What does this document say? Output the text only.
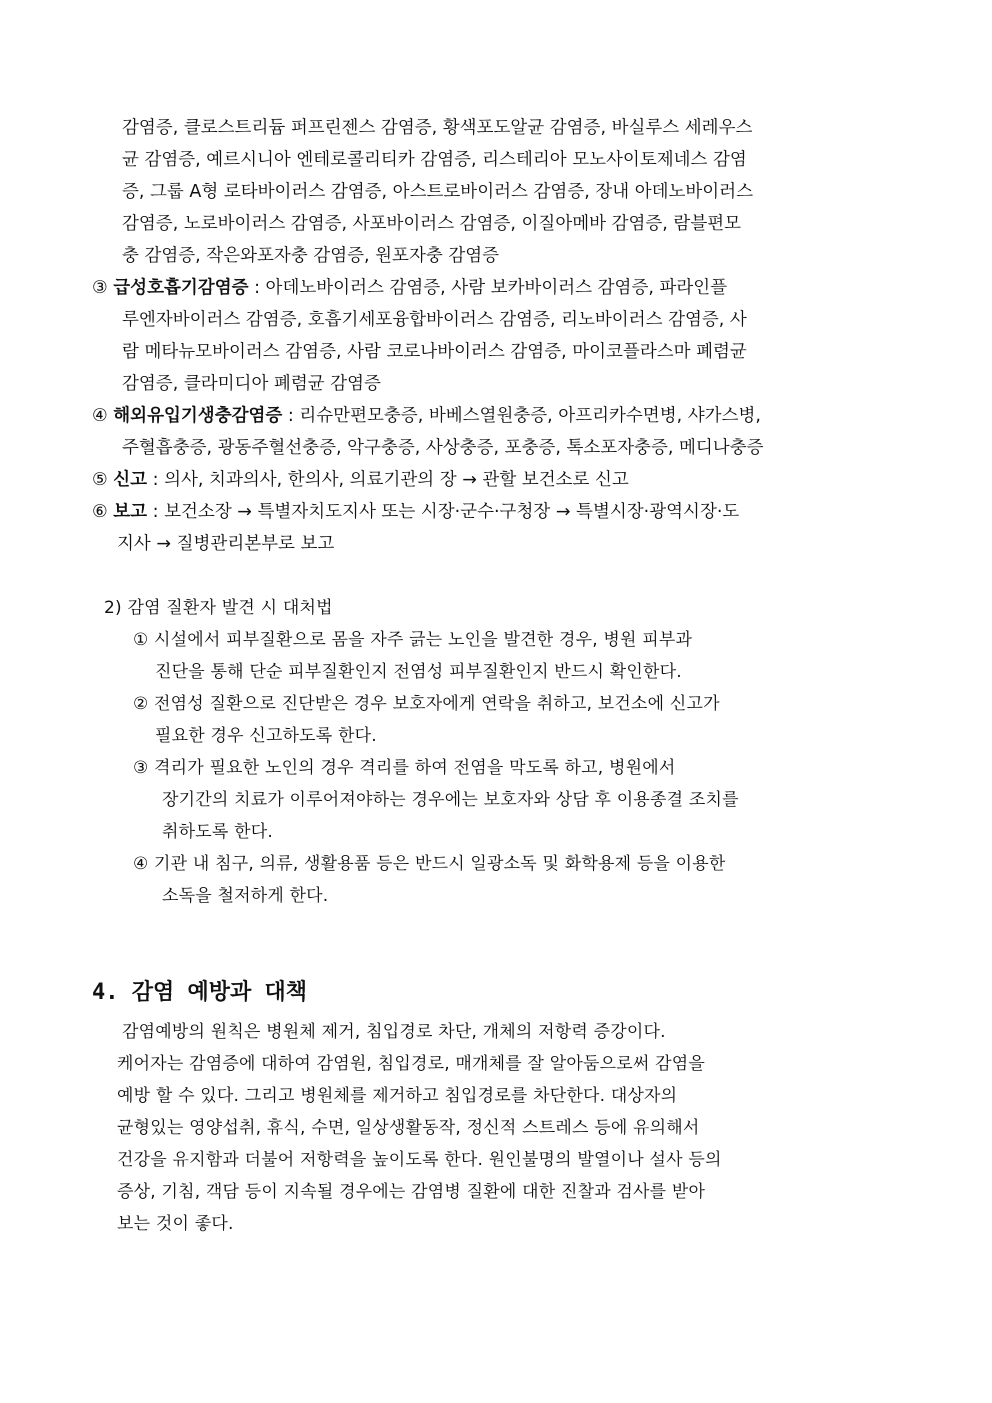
감염증, 클로스트리듐 퍼프린젠스 감염증, 황색포도알균 감염증, 바실루스 세레우스
균 감염증, 예르시니아 엔테로콜리티카 감염증, 리스테리아 모노사이토제네스 감염
증, 그룹 A형 로타바이러스 감염증, 아스트로바이러스 감염증, 장내 아데노바이러스
감염증, 노로바이러스 감염증, 사포바이러스 감염증, 이질아메바 감염증, 람블편모
충 감염증, 작은와포자충 감염증, 원포자충 감염증
③ 급성호흡기감염증 : 아데노바이러스 감염증, 사람 보카바이러스 감염증, 파라인플
루엔자바이러스 감염증, 호흡기세포융합바이러스 감염증, 리노바이러스 감염증, 사
람 메타뉴모바이러스 감염증, 사람 코로나바이러스 감염증, 마이코플라스마 폐렴균
감염증, 클라미디아 폐렴균 감염증
④ 해외유입기생충감염증 : 리슈만편모충증, 바베스열원충증, 아프리카수면병, 샤가스병,
주혈흡충증, 광동주혈선충증, 악구충증, 사상충증, 포충증, 톡소포자충증, 메디나충증
⑤ 신고 : 의사, 치과의사, 한의사, 의료기관의 장 → 관할 보건소로 신고
⑥ 보고 : 보건소장 → 특별자치도지사 또는 시장·군수·구청장 → 특별시장·광역시장·도
지사 → 질병관리본부로 보고
2) 감염 질환자 발견 시 대처법
① 시설에서 피부질환으로 몸을 자주 긁는 노인을 발견한 경우, 병원 피부과
진단을 통해 단순 피부질환인지 전염성 피부질환인지 반드시 확인한다.
② 전염성 질환으로 진단받은 경우 보호자에게 연락을 취하고, 보건소에 신고가
필요한 경우 신고하도록 한다.
③ 격리가 필요한 노인의 경우 격리를 하여 전염을 막도록 하고, 병원에서
장기간의 치료가 이루어져야하는 경우에는 보호자와 상담 후 이용종결 조치를
취하도록 한다.
④ 기관 내 침구, 의류, 생활용품 등은 반드시 일광소독 및 화학용제 등을 이용한
소독을 철저하게 한다.
4. 감염 예방과 대책
감염예방의 원칙은 병원체 제거, 침입경로 차단, 개체의 저항력 증강이다.
케어자는 감염증에 대하여 감염원, 침입경로, 매개체를 잘 알아둠으로써 감염을
예방 할 수 있다. 그리고 병원체를 제거하고 침입경로를 차단한다. 대상자의
균형있는 영양섭취, 휴식, 수면, 일상생활동작, 정신적 스트레스 등에 유의해서
건강을 유지함과 더불어 저항력을 높이도록 한다. 원인불명의 발열이나 설사 등의
증상, 기침, 객담 등이 지속될 경우에는 감염병 질환에 대한 진찰과 검사를 받아
보는 것이 좋다.
